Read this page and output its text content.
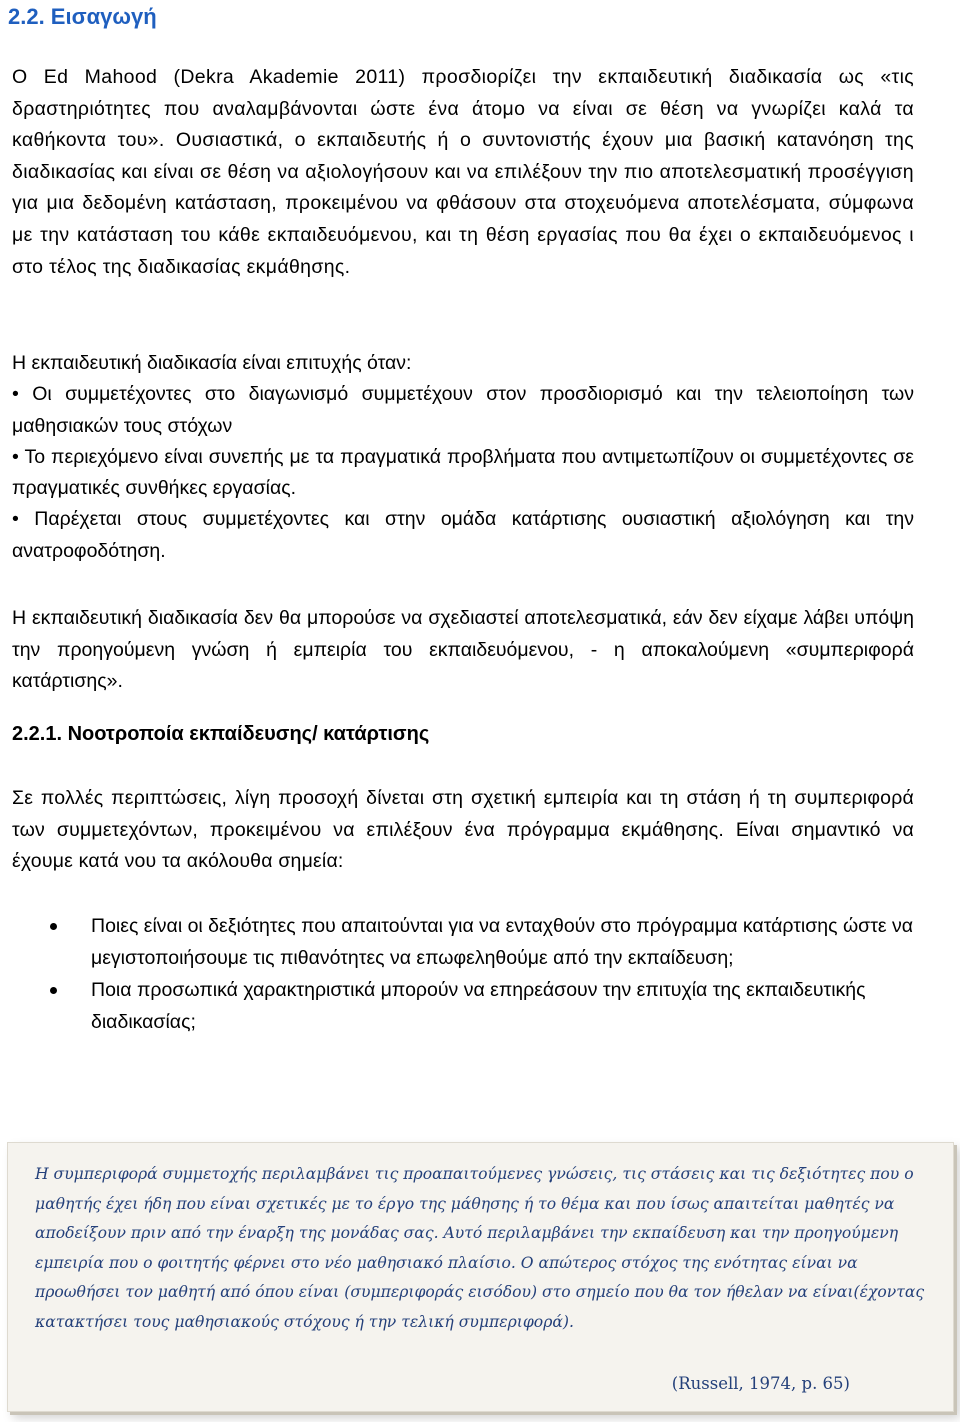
2.2. Εισαγωγή

Ο Ed Mahood (Dekra Akademie 2011) προσδιορίζει την εκπαιδευτική διαδικασία ως «τις δραστηριότητες που αναλαμβάνονται ώστε ένα άτομο να είναι σε θέση να γνωρίζει καλά τα καθήκοντα του». Ουσιαστικά, ο εκπαιδευτής ή ο συντονιστής έχουν μια βασική κατανόηση της διαδικασίας και είναι σε θέση να αξιολογήσουν και να επιλέξουν την πιο αποτελεσματική προσέγγιση για μια δεδομένη κατάσταση, προκειμένου να φθάσουν στα στοχευόμενα αποτελέσματα, σύμφωνα με την κατάσταση του κάθε εκπαιδευόμενου, και τη θέση εργασίας που θα έχει ο εκπαιδευόμενος ι στο τέλος της διαδικασίας εκμάθησης.

Η εκπαιδευτική διαδικασία είναι επιτυχής όταν:
• Οι συμμετέχοντες στο διαγωνισμό συμμετέχουν στον προσδιορισμό και την τελειοποίηση των μαθησιακών τους στόχων
• Το περιεχόμενο είναι συνεπής με τα πραγματικά προβλήματα που αντιμετωπίζουν οι συμμετέχοντες σε πραγματικές συνθήκες εργασίας.
• Παρέχεται στους συμμετέχοντες και στην ομάδα κατάρτισης ουσιαστική αξιολόγηση και την ανατροφοδότηση.

Η εκπαιδευτική διαδικασία δεν θα μπορούσε να σχεδιαστεί αποτελεσματικά, εάν δεν είχαμε λάβει υπόψη την προηγούμενη γνώση ή εμπειρία του εκπαιδευόμενου, - η αποκαλούμενη «συμπεριφορά κατάρτισης».

2.2.1. Νοοτροποία εκπαίδευσης/ κατάρτισης

Σε πολλές περιπτώσεις, λίγη προσοχή δίνεται στη σχετική εμπειρία και τη στάση ή τη συμπεριφορά των συμμετεχόντων, προκειμένου να επιλέξουν ένα πρόγραμμα εκμάθησης. Είναι σημαντικό να έχουμε κατά νου τα ακόλουθα σημεία:

Ποιες είναι οι δεξιότητες που απαιτούνται για να ενταχθούν στο πρόγραμμα κατάρτισης ώστε να μεγιστοποιήσουμε τις πιθανότητες να επωφεληθούμε από την εκπαίδευση;
Ποια προσωπικά χαρακτηριστικά μπορούν να επηρεάσουν την επιτυχία της εκπαιδευτικής διαδικασίας;

Η συμπεριφορά συμμετοχής περιλαμβάνει τις προαπαιτούμενες γνώσεις, τις στάσεις και τις δεξιότητες που ο μαθητής έχει ήδη που είναι σχετικές με το έργο της μάθησης ή το θέμα και που ίσως απαιτείται μαθητές να αποδείξουν πριν από την έναρξη της μονάδας σας. Αυτό περιλαμβάνει την εκπαίδευση και την προηγούμενη εμπειρία που ο φοιτητής φέρνει στο νέο μαθησιακό πλαίσιο. Ο απώτερος στόχος της ενότητας είναι να προωθήσει τον μαθητή από όπου είναι (συμπεριφοράς εισόδου) στο σημείο που θα τον ήθελαν να είναι(έχοντας κατακτήσει τους μαθησιακούς στόχους ή την τελική συμπεριφορά).

(Russell, 1974, p. 65)
